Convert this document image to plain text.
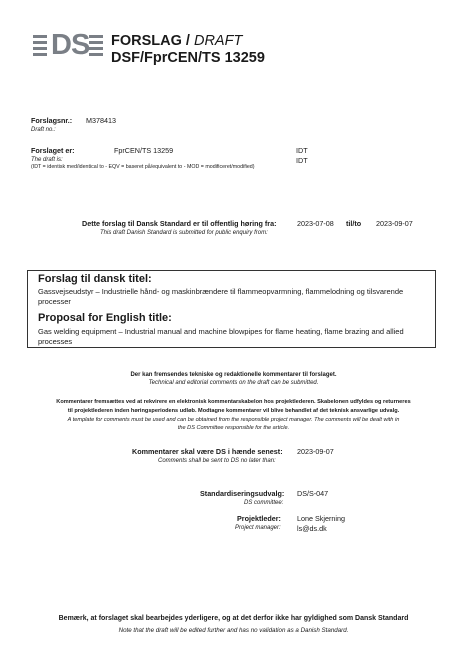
DS FORSLAG / DRAFT
DSF/FprCEN/TS 13259
Forslagsnr.: M378413
Draft no.:
Forslaget er:	FprCEN/TS 13259	IDT
IDT
The draft is:
(IDT = identisk med/identical to - EQV = baseret på/equivalent to - MOD = modificeret/modified)
Dette forslag til Dansk Standard er til offentlig høring fra:	2023-07-08 til/to 2023-09-07
This draft Danish Standard is submitted for public enquiry from:
Forslag til dansk titel:
Gassvejseudstyr – Industrielle hånd- og maskinbrændere til flammeopvarmning, flammelodning og tilsvarende processer
Proposal for English title:
Gas welding equipment – Industrial manual and machine blowpipes for flame heating, flame brazing and allied processes
Der kan fremsendes tekniske og redaktionelle kommentarer til forslaget.
Technical and editorial comments on the draft can be submitted.
Kommentarer fremsættes ved at rekvirere en elektronisk kommentarskabelon hos projektlederen. Skabelonen udfyldes og returneres
til projektlederen inden høringsperiodens udløb. Modtagne kommentarer vil blive behandlet af det teknisk ansvarlige udvalg.
A template for comments must be used and can be obtained from the responsible project manager. The comments will be dealt with in
the DS Committee responsible for the article.
Kommentarer skal være DS i hænde senest: 2023-09-07
Comments shall be sent to DS no later than:
Standardiseringsudvalg: DS/S-047
DS committee:
Projektleder: Lone Skjerning
Project manager: ls@ds.dk
Bemærk, at forslaget skal bearbejdes yderligere, og at det derfor ikke har gyldighed som Dansk Standard
Note that the draft will be edited further and has no validation as a Danish Standard.
